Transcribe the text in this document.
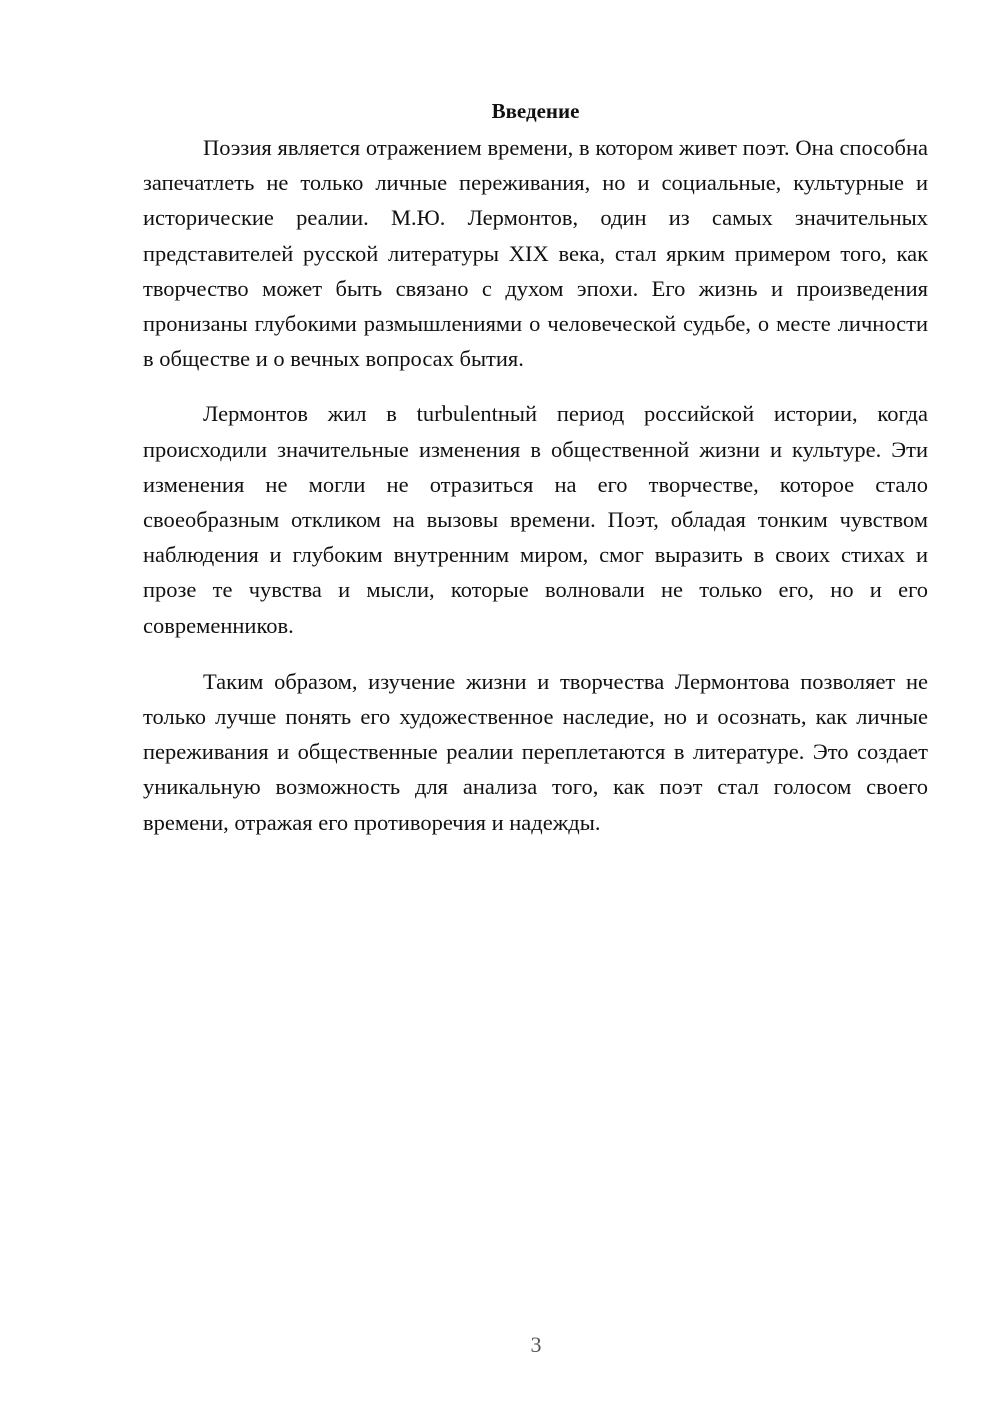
Введение

Поэзия является отражением времени, в котором живет поэт. Она способна запечатлеть не только личные переживания, но и социальные, культурные и исторические реалии. М.Ю. Лермонтов, один из самых значительных представителей русской литературы XIX века, стал ярким примером того, как творчество может быть связано с духом эпохи. Его жизнь и произведения пронизаны глубокими размышлениями о человеческой судьбе, о месте личности в обществе и о вечных вопросах бытия.

Лермонтов жил в turbulentный период российской истории, когда происходили значительные изменения в общественной жизни и культуре. Эти изменения не могли не отразиться на его творчестве, которое стало своеобразным откликом на вызовы времени. Поэт, обладая тонким чувством наблюдения и глубоким внутренним миром, смог выразить в своих стихах и прозе те чувства и мысли, которые волновали не только его, но и его современников.

Таким образом, изучение жизни и творчества Лермонтова позволяет не только лучше понять его художественное наследие, но и осознать, как личные переживания и общественные реалии переплетаются в литературе. Это создает уникальную возможность для анализа того, как поэт стал голосом своего времени, отражая его противоречия и надежды.

3
